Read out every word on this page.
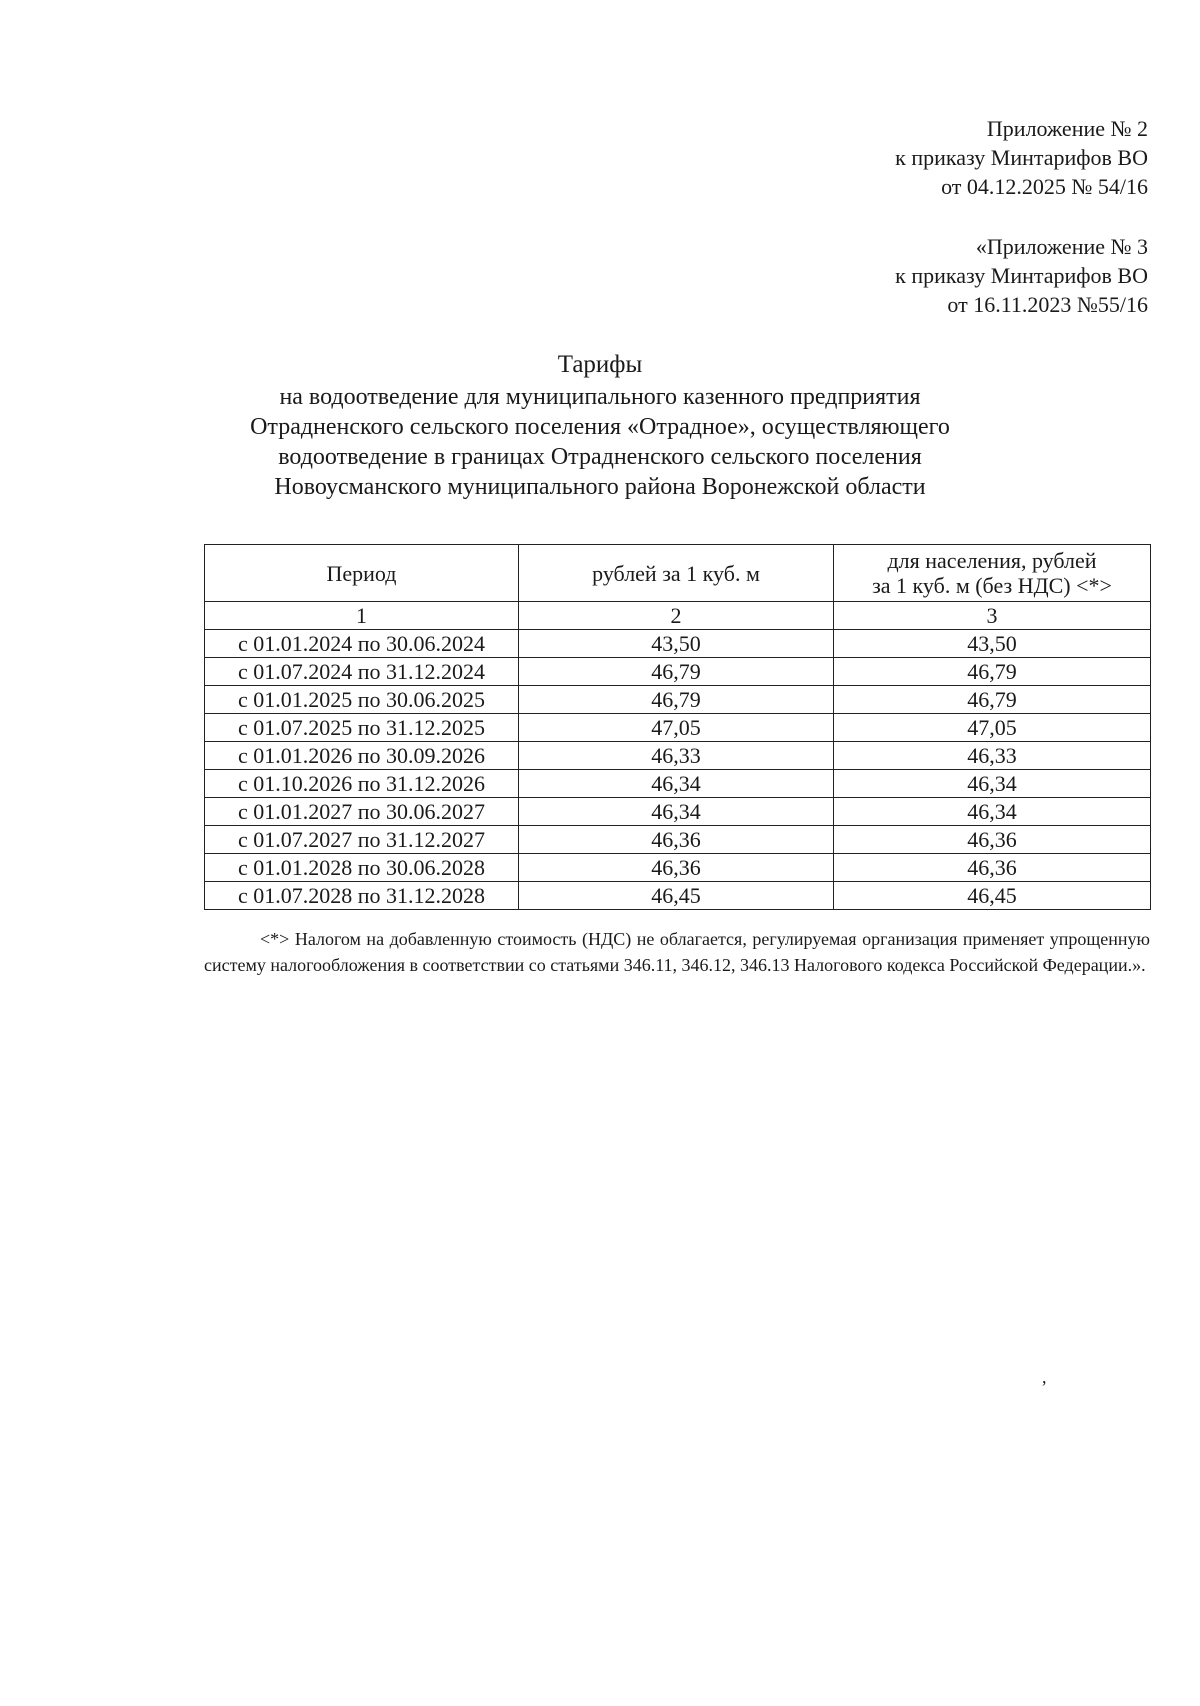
Приложение № 2
к приказу Минтарифов ВО
от 04.12.2025 № 54/16
«Приложение № 3
к приказу Минтарифов ВО
от 16.11.2023 №55/16
Тарифы
на водоотведение для муниципального казенного предприятия
Отрадненского сельского поселения «Отрадное», осуществляющего
водоотведение в границах Отрадненского сельского поселения
Новоусманского муниципального района Воронежской области
Период	рублей за 1 куб. м	для населения, рублей
за 1 куб. м (без НДС) <*>

1	2	3
с 01.01.2024 по 30.06.2024	43,50	43,50
с 01.07.2024 по 31.12.2024	46,79	46,79
с 01.01.2025 по 30.06.2025	46,79	46,79
с 01.07.2025 по 31.12.2025	47,05	47,05
с 01.01.2026 по 30.09.2026	46,33	46,33
с 01.10.2026 по 31.12.2026	46,34	46,34
с 01.01.2027 по 30.06.2027	46,34	46,34
с 01.07.2027 по 31.12.2027	46,36	46,36
с 01.01.2028 по 30.06.2028	46,36	46,36
с 01.07.2028 по 31.12.2028	46,45	46,45
<*> Налогом на добавленную стоимость (НДС) не облагается, регулируемая организация применяет упрощенную систему налогообложения в соответствии со статьями 346.11, 346.12, 346.13 Налогового кодекса Российской Федерации.».
,
